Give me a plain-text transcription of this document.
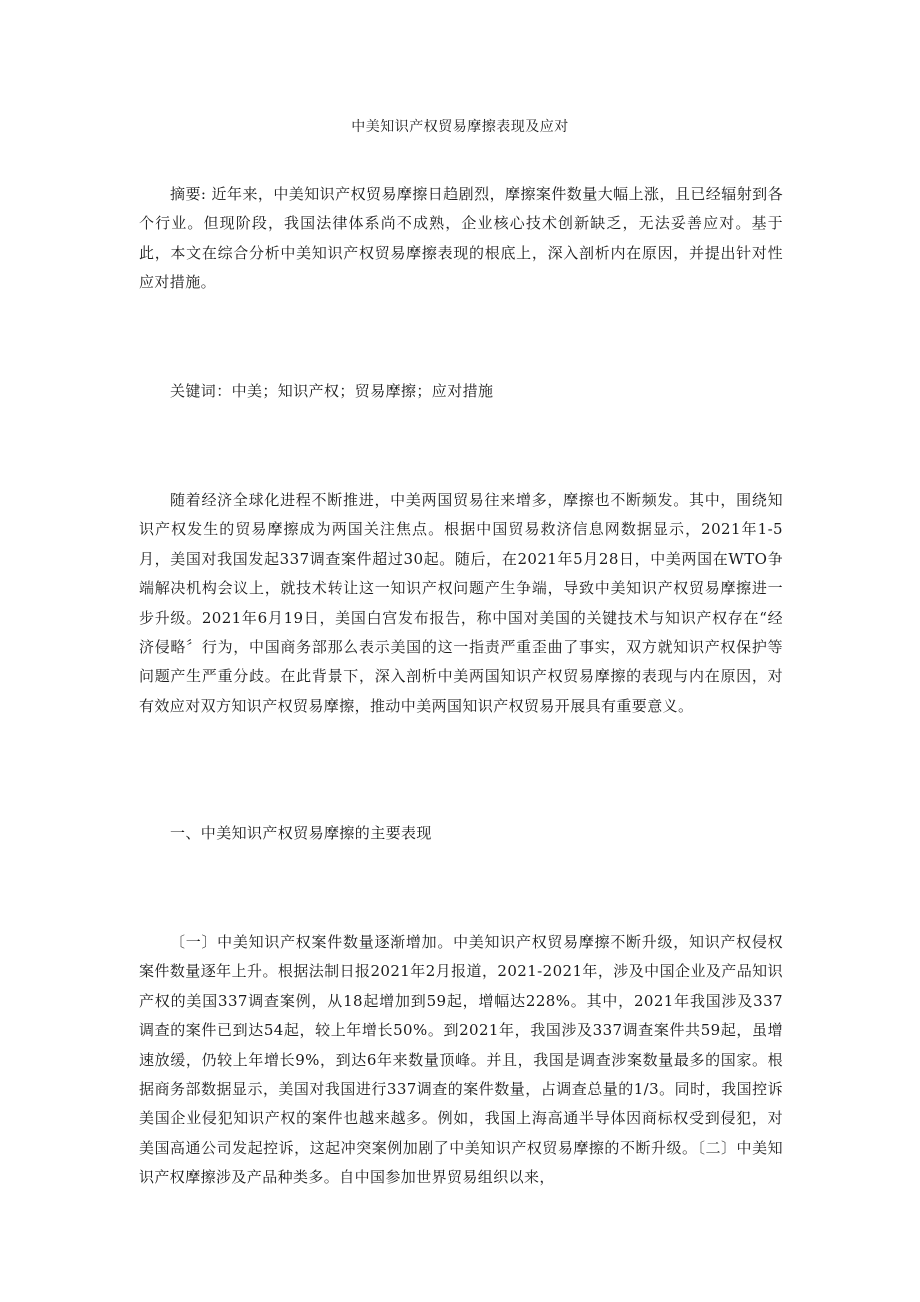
中美知识产权贸易摩擦表现及应对

摘要: 近年来，中美知识产权贸易摩擦日趋剧烈，摩擦案件数量大幅上涨，且已经辐射到各个行业。但现阶段，我国法律体系尚不成熟，企业核心技术创新缺乏，无法妥善应对。基于此，本文在综合分析中美知识产权贸易摩擦表现的根底上，深入剖析内在原因，并提出针对性应对措施。

关键词：中美；知识产权；贸易摩擦；应对措施

随着经济全球化进程不断推进，中美两国贸易往来增多，摩擦也不断频发。其中，围绕知识产权发生的贸易摩擦成为两国关注焦点。根据中国贸易救济信息网数据显示，2021年1-5月，美国对我国发起337调查案件超过30起。随后，在2021年5月28日，中美两国在WTO争端解决机构会议上，就技术转让这一知识产权问题产生争端，导致中美知识产权贸易摩擦进一步升级。2021年6月19日，美国白宫发布报告，称中国对美国的关键技术与知识产权存在“经济侵略〞行为，中国商务部那么表示美国的这一指责严重歪曲了事实，双方就知识产权保护等问题产生严重分歧。在此背景下，深入剖析中美两国知识产权贸易摩擦的表现与内在原因，对有效应对双方知识产权贸易摩擦，推动中美两国知识产权贸易开展具有重要意义。

一、中美知识产权贸易摩擦的主要表现

〔一〕中美知识产权案件数量逐渐增加。中美知识产权贸易摩擦不断升级，知识产权侵权案件数量逐年上升。根据法制日报2021年2月报道，2021-2021年，涉及中国企业及产品知识产权的美国337调查案例，从18起增加到59起，增幅达228%。其中，2021年我国涉及337调查的案件已到达54起，较上年增长50%。到2021年，我国涉及337调查案件共59起，虽增速放缓，仍较上年增长9%，到达6年来数量顶峰。并且，我国是调查涉案数量最多的国家。根据商务部数据显示，美国对我国进行337调查的案件数量，占调查总量的1/3。同时，我国控诉美国企业侵犯知识产权的案件也越来越多。例如，我国上海高通半导体因商标权受到侵犯，对美国高通公司发起控诉，这起冲突案例加剧了中美知识产权贸易摩擦的不断升级。〔二〕中美知识产权摩擦涉及产品种类多。自中国参加世界贸易组织以来，
